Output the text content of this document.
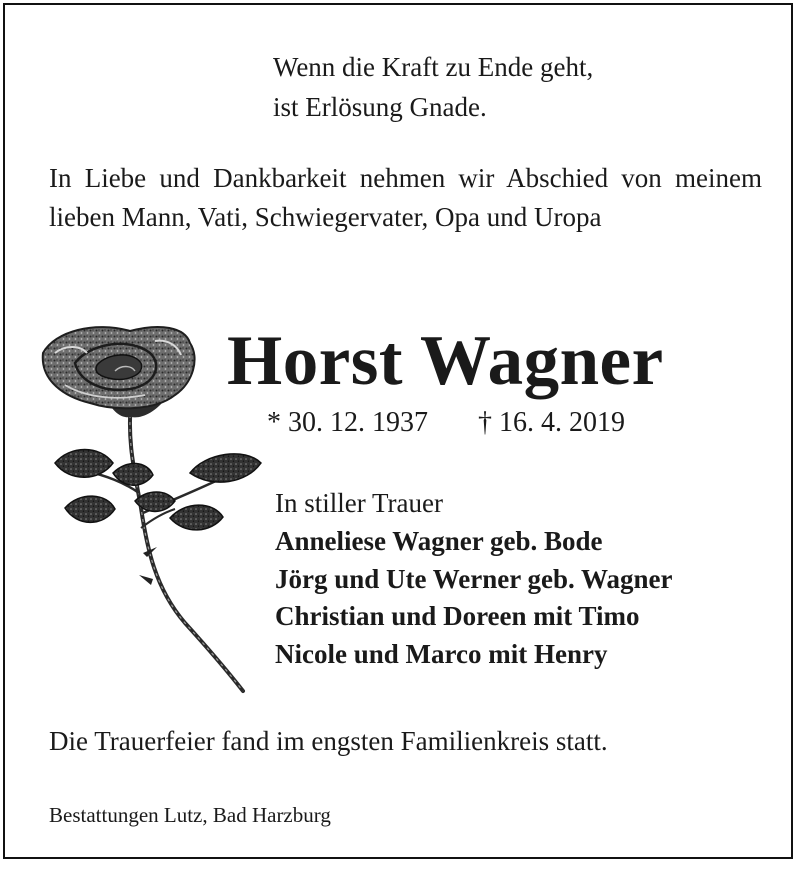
Wenn die Kraft zu Ende geht,
ist Erlösung Gnade.

In Liebe und Dankbarkeit nehmen wir Abschied von meinem lieben Mann, Vati, Schwiegervater, Opa und Uropa

Horst Wagner
* 30. 12. 1937 † 16. 4. 2019
In stiller Trauer
Anneliese Wagner geb. Bode
Jörg und Ute Werner geb. Wagner
Christian und Doreen mit Timo
Nicole und Marco mit Henry

Die Trauerfeier fand im engsten Familienkreis statt.

Bestattungen Lutz, Bad Harzburg
